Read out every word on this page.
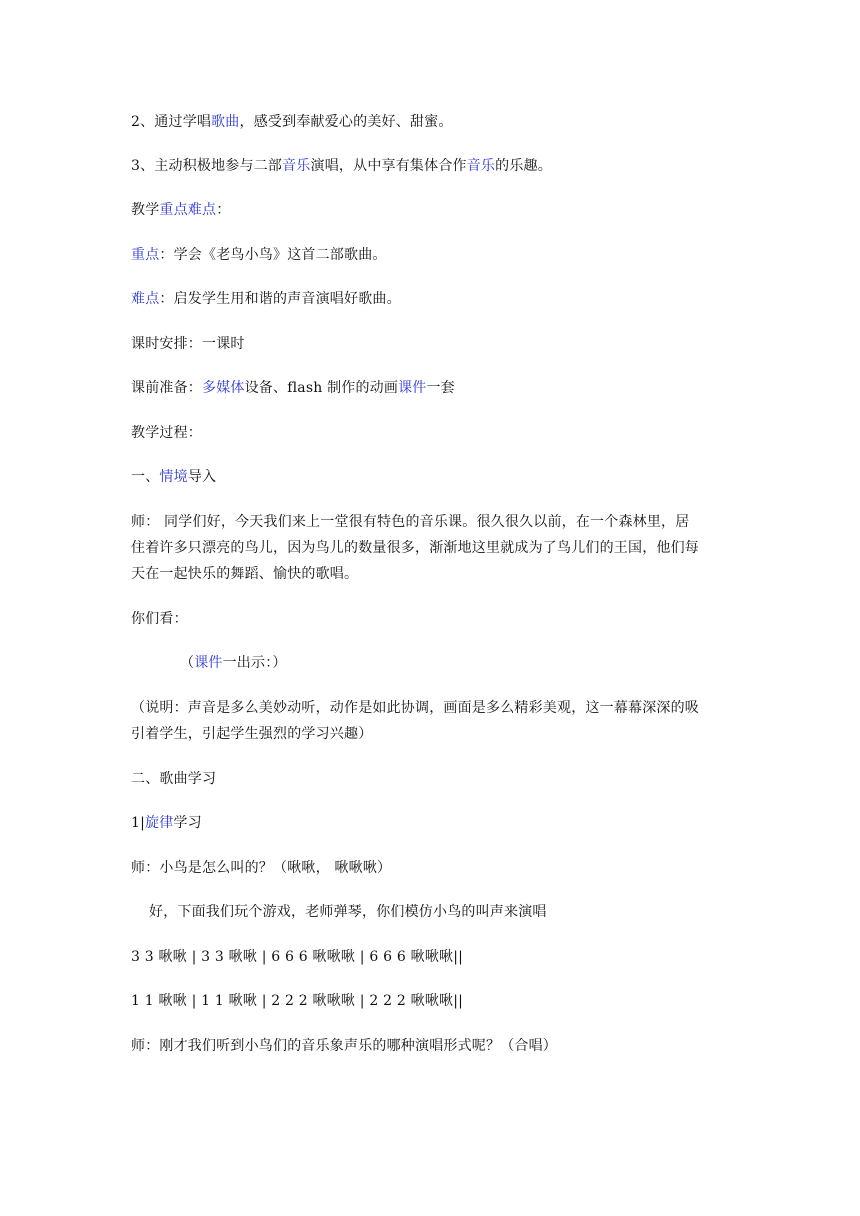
2、通过学唱歌曲，感受到奉献爱心的美好、甜蜜。
3、主动积极地参与二部音乐演唱，从中享有集体合作音乐的乐趣。
教学重点难点：
重点：学会《老鸟小鸟》这首二部歌曲。
难点：启发学生用和谐的声音演唱好歌曲。
课时安排：一课时
课前准备：多媒体设备、flash 制作的动画课件一套
教学过程：
一、情境导入
师： 同学们好，今天我们来上一堂很有特色的音乐课。很久很久以前，在一个森林里，居
住着许多只漂亮的鸟儿，因为鸟儿的数量很多，渐渐地这里就成为了鸟儿们的王国，他们每
天在一起快乐的舞蹈、愉快的歌唱。
你们看：
（课件一出示：）
（说明：声音是多么美妙动听，动作是如此协调，画面是多么精彩美观，这一幕幕深深的吸
引着学生，引起学生强烈的学习兴趣）
二、歌曲学习
1|旋律学习
师：小鸟是怎么叫的？（啾啾， 啾啾啾）
好，下面我们玩个游戏，老师弹琴，你们模仿小鸟的叫声来演唱
3 3 啾啾 | 3 3 啾啾 | 6 6 6 啾啾啾 | 6 6 6 啾啾啾||
1 1 啾啾 | 1 1 啾啾 | 2 2 2 啾啾啾 | 2 2 2 啾啾啾||
师：刚才我们听到小鸟们的音乐象声乐的哪种演唱形式呢？（合唱）
